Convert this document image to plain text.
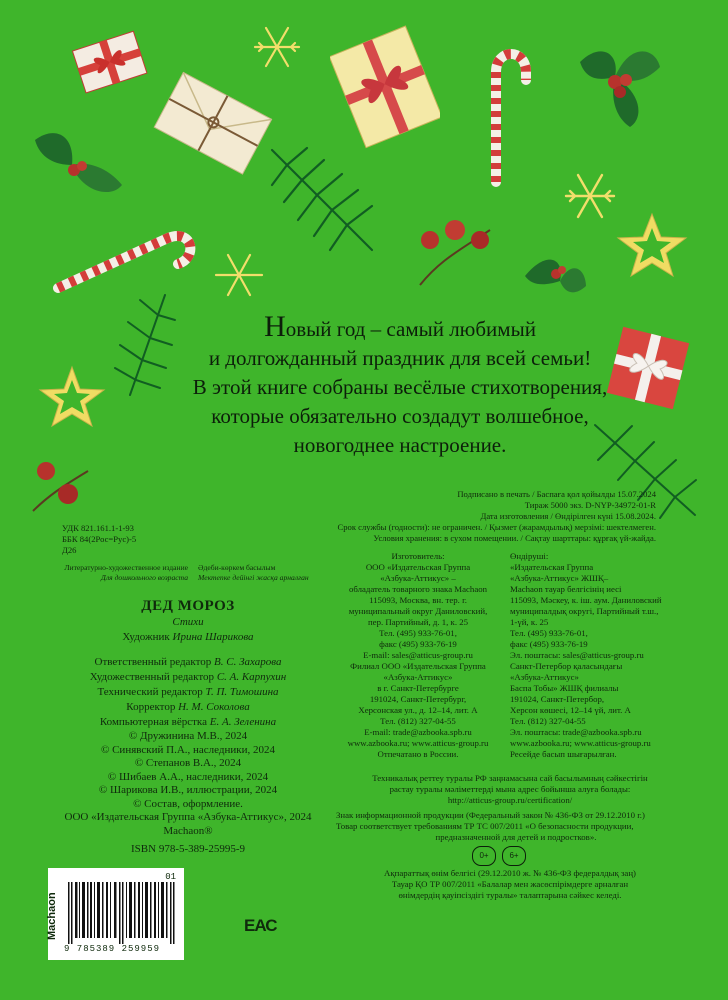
Новый год – самый любимый
и долгожданный праздник для всей семьи!
В этой книге собраны весёлые стихотворения,
которые обязательно создадут волшебное,
новогоднее настроение.
Подписано в печать / Баспаға қол қойылды 15.07.2024
Тираж 5000 экз. D-NYP-34972-01-R
Дата изготовления / Өндірілген күні 15.08.2024.
Срок службы (годности): не ограничен. / Қызмет (жарамдылық) мерзімі: шектелмеген.
Условия хранения: в сухом помещении. / Сақтау шарттары: құрғақ үй-жайда.
УДК 821.161.1-1-93
ББК 84(2Рос=Рус)-5
Д26
Литературно-художественное издание
Для дошкольного возраста
Әдеби-көркем басылым
Мектепке дейінгі жасқа арналған
ДЕД МОРОЗ
Стихи
Художник Ирина Шарикова
Ответственный редактор В. С. Захарова
Художественный редактор С. А. Карпухин
Технический редактор Т. П. Тимошина
Корректор Н. М. Соколова
Компьютерная вёрстка Е. А. Зеленина
© Дружинина М.В., 2024
© Синявский П.А., наследники, 2024
© Степанов В.А., 2024
© Шибаев А.А., наследники, 2024
© Шарикова И.В., иллюстрации, 2024
© Состав, оформление.
ООО «Издательская Группа «Азбука-Аттикус», 2024
Machaon®
ISBN 978-5-389-25995-9
Machaon
01
9 785389 259959
ЕАС
Изготовитель:
ООО «Издательская Группа
«Азбука-Аттикус» –
обладатель товарного знака Machaon
115093, Москва, вн. тер. г.
муниципальный округ Даниловский,
пер. Партийный, д. 1, к. 25
Тел. (495) 933-76-01,
факс (495) 933-76-19
E-mail: sales@atticus-group.ru
Филиал ООО «Издательская Группа
«Азбука-Аттикус»
в г. Санкт-Петербурге
191024, Санкт-Петербург,
Херсонская ул., д. 12–14, лит. А
Тел. (812) 327-04-55
E-mail: trade@azbooka.spb.ru
www.azbooka.ru; www.atticus-group.ru
Отпечатано в России.
Өндіруші:
«Издательская Группа
«Азбука-Аттикус» ЖШҚ–
Machaon тауар белгісінің иесі
115093, Мәскеу, к. іш. аум. Даниловский
муниципалдық округі, Партийный т.ш.,
1-үй, к. 25
Тел. (495) 933-76-01,
факс (495) 933-76-19
Эл. поштасы: sales@atticus-group.ru
Санкт-Петербор қаласындағы
«Азбука-Аттикус»
Баспа Тобы» ЖШҚ филиалы
191024, Санкт-Петербор,
Херсон көшесі, 12–14 үй, лит. А
Тел. (812) 327-04-55
Эл. поштасы: trade@azbooka.spb.ru
www.azbooka.ru; www.atticus-group.ru
Ресейде басып шығарылған.
Техникалық реттеу туралы РФ заңнамасына сай басылымның сәйкестігін
растау туралы мәліметтерді мына адрес бойынша алуға болады:
http://atticus-group.ru/certification/
Знак информационной продукции (Федеральный закон № 436-ФЗ от 29.12.2010 г.)
Товар соответствует требованиям ТР ТС 007/2011 «О безопасности продукции,
предназначенной для детей и подростков».
0+	6+
Ақпараттық өнім белгісі (29.12.2010 ж. № 436-ФЗ федералдық заң)
Тауар ҚО ТР 007/2011 «Балалар мен жасөспірімдерге арналған
өнімдердің қауіпсіздігі туралы» талаптарына сәйкес келеді.
